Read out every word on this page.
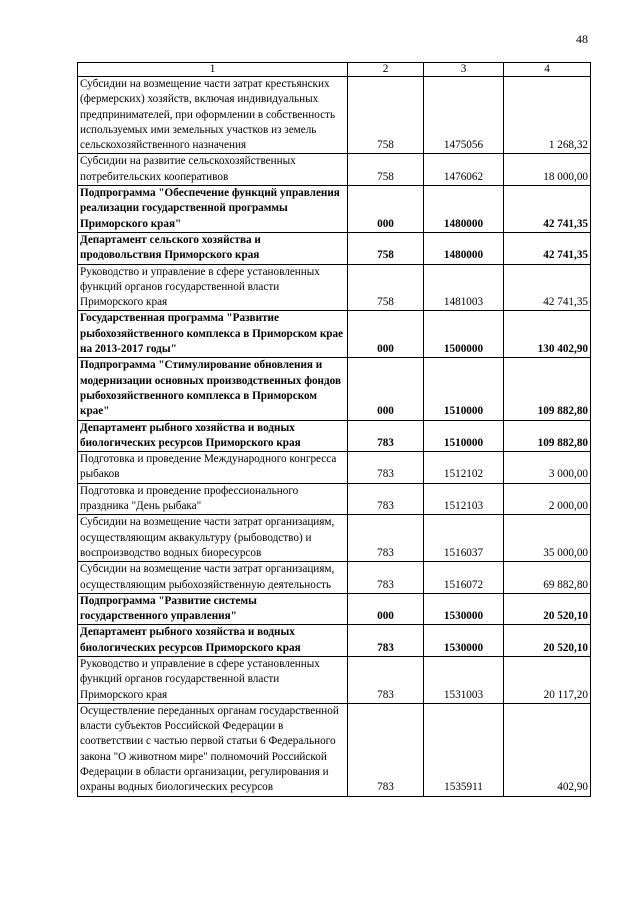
48
1	2	3	4
Субсидии на возмещение части затрат крестьянских (фермерских) хозяйств, включая индивидуальных предпринимателей, при оформлении в собственность используемых ими земельных участков из земель сельскохозяйственного назначения	758	1475056	1 268,32
Субсидии на развитие сельскохозяйственных потребительских кооперативов	758	1476062	18 000,00
Подпрограмма "Обеспечение функций управления реализации государственной программы Приморского края"	000	1480000	42 741,35
Департамент сельского хозяйства и продовольствия Приморского края	758	1480000	42 741,35
Руководство и управление в сфере установленных функций органов государственной власти Приморского края	758	1481003	42 741,35
Государственная программа "Развитие рыбохозяйственного комплекса в Приморском крае на 2013-2017 годы"	000	1500000	130 402,90
Подпрограмма "Стимулирование обновления и модернизации основных производственных фондов рыбохозяйственного комплекса в Приморском крае"	000	1510000	109 882,80
Департамент рыбного хозяйства и водных биологических ресурсов Приморского края	783	1510000	109 882,80
Подготовка и проведение Международного конгресса рыбаков	783	1512102	3 000,00
Подготовка и проведение профессионального праздника "День рыбака"	783	1512103	2 000,00
Субсидии на возмещение части затрат организациям, осуществляющим аквакультуру (рыбоводство) и воспроизводство водных биоресурсов	783	1516037	35 000,00
Субсидии на возмещение части затрат организациям, осуществляющим рыбохозяйственную деятельность	783	1516072	69 882,80
Подпрограмма "Развитие системы государственного управления"	000	1530000	20 520,10
Департамент рыбного хозяйства и водных биологических ресурсов Приморского края	783	1530000	20 520,10
Руководство и управление в сфере установленных функций органов государственной власти Приморского края	783	1531003	20 117,20
Осуществление переданных органам государственной власти субъектов Российской Федерации в соответствии с частью первой статьи 6 Федерального закона "О животном мире" полномочий Российской Федерации в области организации, регулирования и охраны водных биологических ресурсов	783	1535911	402,90
